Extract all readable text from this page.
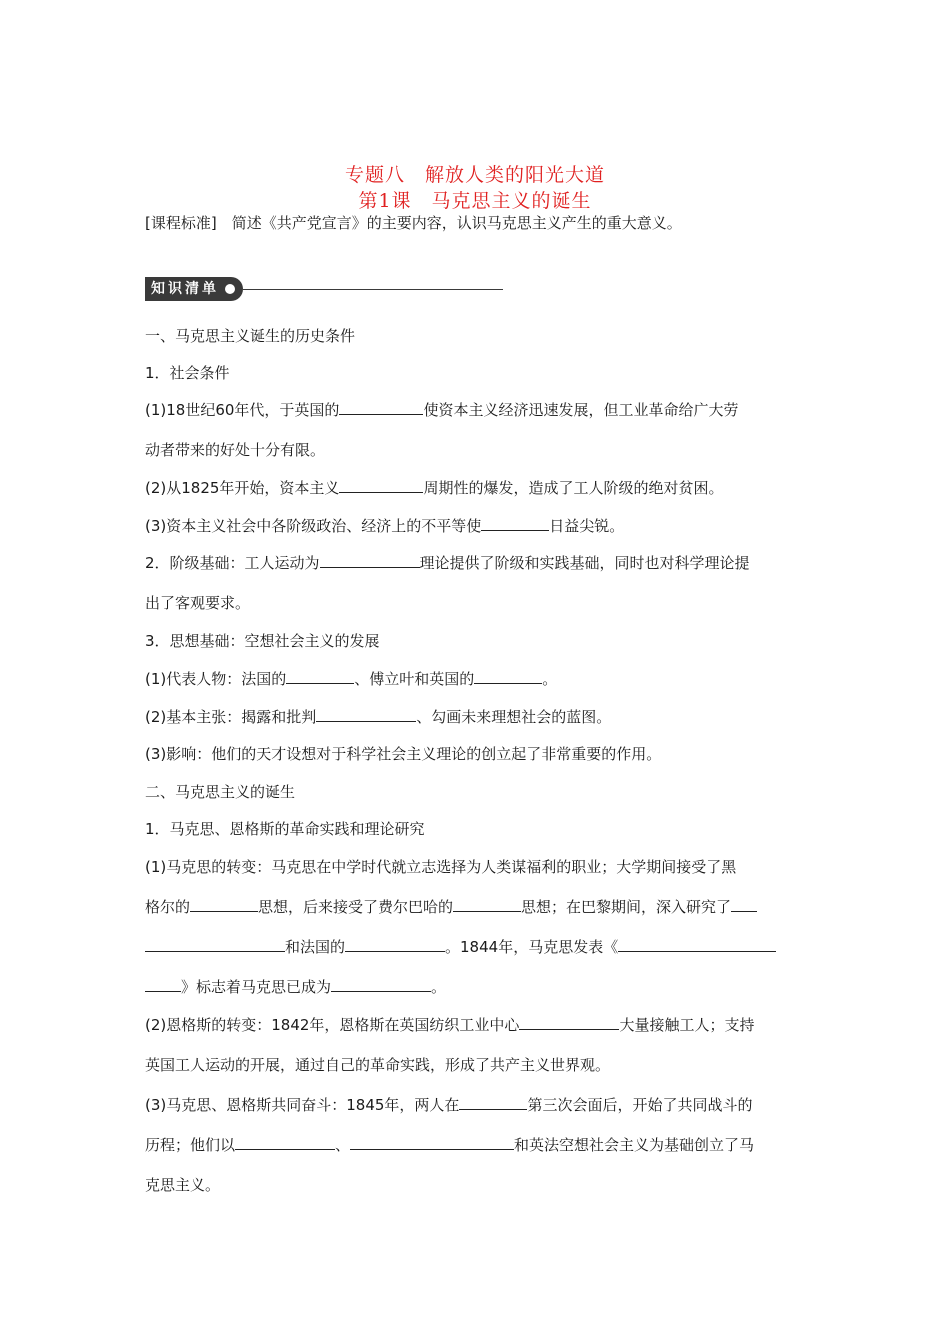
专题八　解放人类的阳光大道
第1课　马克思主义的诞生

[课程标准]　简述《共产党宣言》的主要内容，认识马克思主义产生的重大意义。

知识清单

一、马克思主义诞生的历史条件

1．社会条件

(1)18世纪60年代，于英国的	使资本主义经济迅速发展，但工业革命给广大劳

动者带来的好处十分有限。

(2)从1825年开始，资本主义	周期性的爆发，造成了工人阶级的绝对贫困。

(3)资本主义社会中各阶级政治、经济上的不平等使	日益尖锐。

2．阶级基础：工人运动为	理论提供了阶级和实践基础，同时也对科学理论提

出了客观要求。

3．思想基础：空想社会主义的发展

(1)代表人物：法国的	、傅立叶和英国的	。

(2)基本主张：揭露和批判	、勾画未来理想社会的蓝图。

(3)影响：他们的天才设想对于科学社会主义理论的创立起了非常重要的作用。

二、马克思主义的诞生

1．马克思、恩格斯的革命实践和理论研究

(1)马克思的转变：马克思在中学时代就立志选择为人类谋福利的职业；大学期间接受了黑

格尔的	思想，后来接受了费尔巴哈的	思想；在巴黎期间，深入研究了

和法国的	。1844年，马克思发表《

》标志着马克思已成为	。

(2)恩格斯的转变：1842年，恩格斯在英国纺织工业中心	大量接触工人；支持

英国工人运动的开展，通过自己的革命实践，形成了共产主义世界观。

(3)马克思、恩格斯共同奋斗：1845年，两人在	第三次会面后，开始了共同战斗的

历程；他们以	、	和英法空想社会主义为基础创立了马

克思主义。
